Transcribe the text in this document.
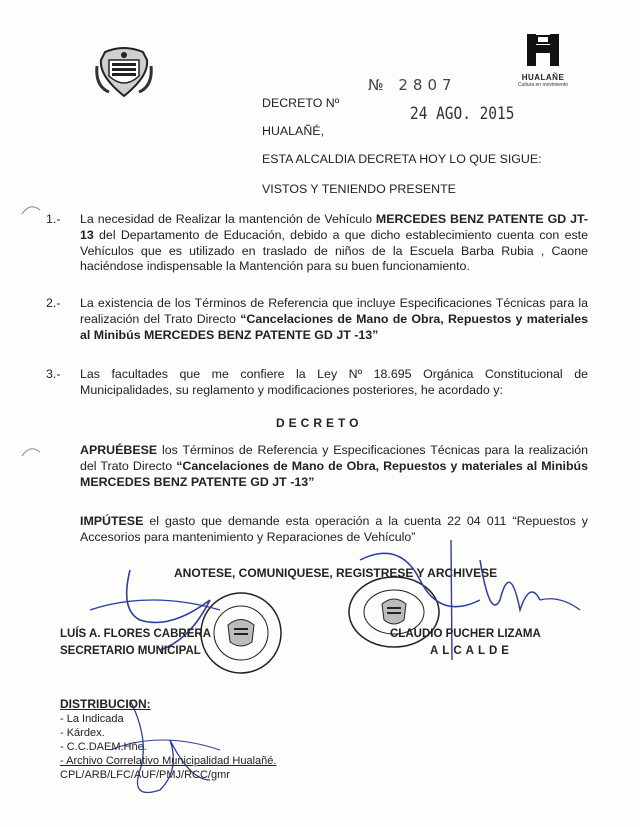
HUALAÑE
Cultura en movimiento
№ 2807
24 AGO. 2015
DECRETO Nº
HUALAÑÉ,
ESTA ALCALDIA DECRETA HOY LO QUE SIGUE:
VISTOS Y TENIENDO PRESENTE
1.- La necesidad de Realizar la mantención de Vehículo MERCEDES BENZ PATENTE GD JT-13 del Departamento de Educación, debido a que dicho establecimiento cuenta con este Vehículos que es utilizado en traslado de niños de la Escuela Barba Rubia , Caone haciéndose indispensable la Mantención para su buen funcionamiento.
2.- La existencia de los Términos de Referencia que incluye Especificaciones Técnicas para la realización del Trato Directo “Cancelaciones de Mano de Obra, Repuestos y materiales al Minibús MERCEDES BENZ PATENTE GD JT -13”
3.- Las facultades que me confiere la Ley Nº 18.695 Orgánica Constitucional de Municipalidades, su reglamento y modificaciones posteriores, he acordado y:
DECRETO
APRUÉBESE los Términos de Referencia y Especificaciones Técnicas para la realización del Trato Directo “Cancelaciones de Mano de Obra, Repuestos y materiales al Minibús MERCEDES BENZ PATENTE GD JT -13”
IMPÚTESE el gasto que demande esta operación a la cuenta 22 04 011 “Repuestos y Accesorios para mantenimiento y Reparaciones de Vehículo”
ANOTESE, COMUNIQUESE, REGISTRESE Y ARCHIVESE
LUÍS A. FLORES CABRERA
SECRETARIO MUNICIPAL
CLAUDIO PUCHER LIZAMA
ALCALDE
DISTRIBUCION:
- La Indicada
- Kárdex.
- C.C.DAEM.Hñe.
- Archivo Correlativo Municipalidad Hualañé.
CPL/ARB/LFC/AUF/PMJ/RCC/gmr
